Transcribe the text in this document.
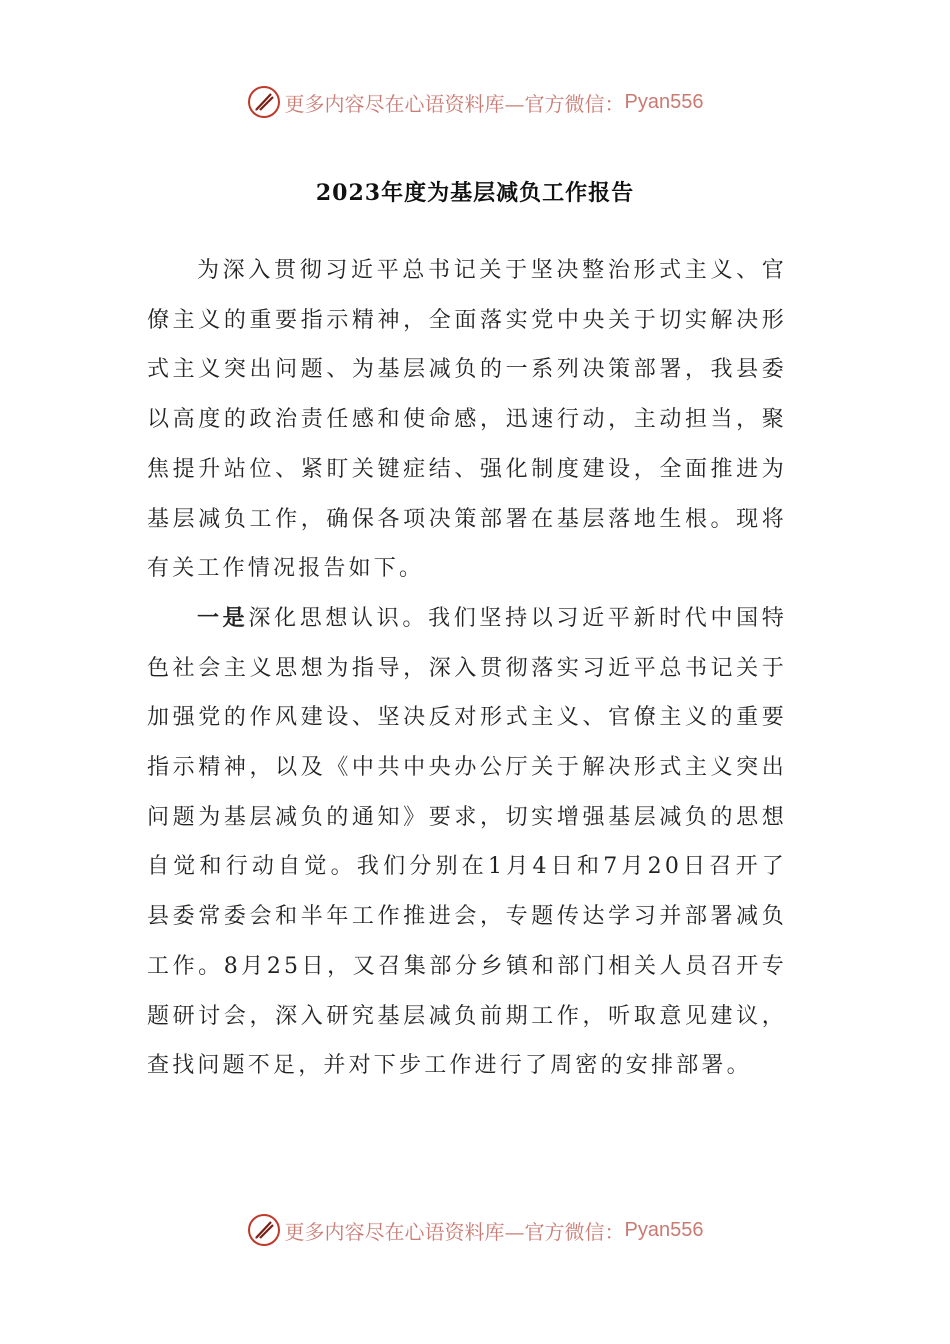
更多内容尽在心语资料库—官方微信： Pyan556
2023年度为基层减负工作报告

为深入贯彻习近平总书记关于坚决整治形式主义、官僚主义的重要指示精神，全面落实党中央关于切实解决形式主义突出问题、为基层减负的一系列决策部署，我县委以高度的政治责任感和使命感，迅速行动，主动担当，聚焦提升站位、紧盯关键症结、强化制度建设，全面推进为基层减负工作，确保各项决策部署在基层落地生根。现将有关工作情况报告如下。

一是深化思想认识。我们坚持以习近平新时代中国特色社会主义思想为指导，深入贯彻落实习近平总书记关于加强党的作风建设、坚决反对形式主义、官僚主义的重要指示精神，以及《中共中央办公厅关于解决形式主义突出问题为基层减负的通知》要求，切实增强基层减负的思想自觉和行动自觉。我们分别在1月4日和7月20日召开了县委常委会和半年工作推进会，专题传达学习并部署减负工作。8月25日，又召集部分乡镇和部门相关人员召开专题研讨会，深入研究基层减负前期工作，听取意见建议，查找问题不足，并对下步工作进行了周密的安排部署。

更多内容尽在心语资料库—官方微信： Pyan556
